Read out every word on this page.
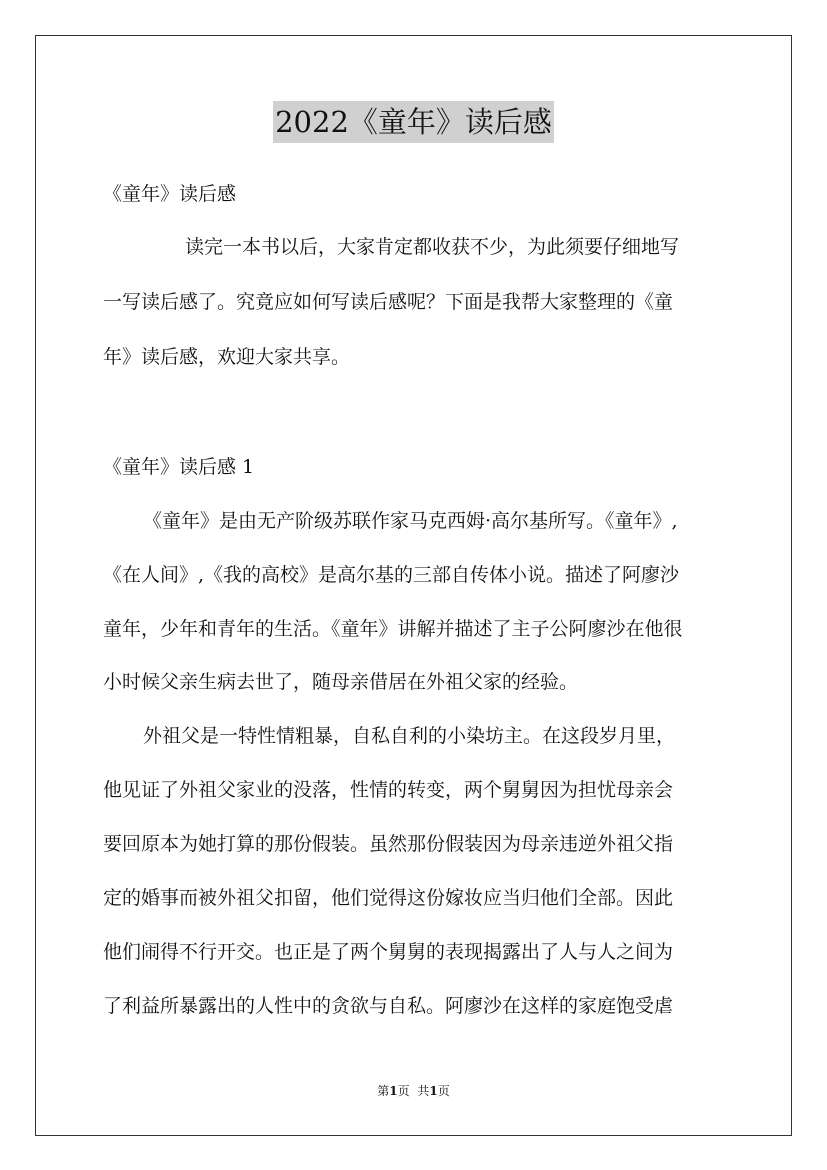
2022《童年》读后感
《童年》读后感
读完一本书以后，大家肯定都收获不少，为此须要仔细地写
一写读后感了。究竟应如何写读后感呢？下面是我帮大家整理的《童
年》读后感，欢迎大家共享。
《童年》读后感 1
《童年》是由无产阶级苏联作家马克西姆·高尔基所写。《童年》,
《在人间》,《我的高校》是高尔基的三部自传体小说。描述了阿廖沙
童年，少年和青年的生活。《童年》讲解并描述了主子公阿廖沙在他很
小时候父亲生病去世了，随母亲借居在外祖父家的经验。
外祖父是一特性情粗暴，自私自利的小染坊主。在这段岁月里，
他见证了外祖父家业的没落，性情的转变，两个舅舅因为担忧母亲会
要回原本为她打算的那份假装。虽然那份假装因为母亲违逆外祖父指
定的婚事而被外祖父扣留，他们觉得这份嫁妆应当归他们全部。因此
他们闹得不行开交。也正是了两个舅舅的表现揭露出了人与人之间为
了利益所暴露出的人性中的贪欲与自私。阿廖沙在这样的家庭饱受虐
第1页 共1页
